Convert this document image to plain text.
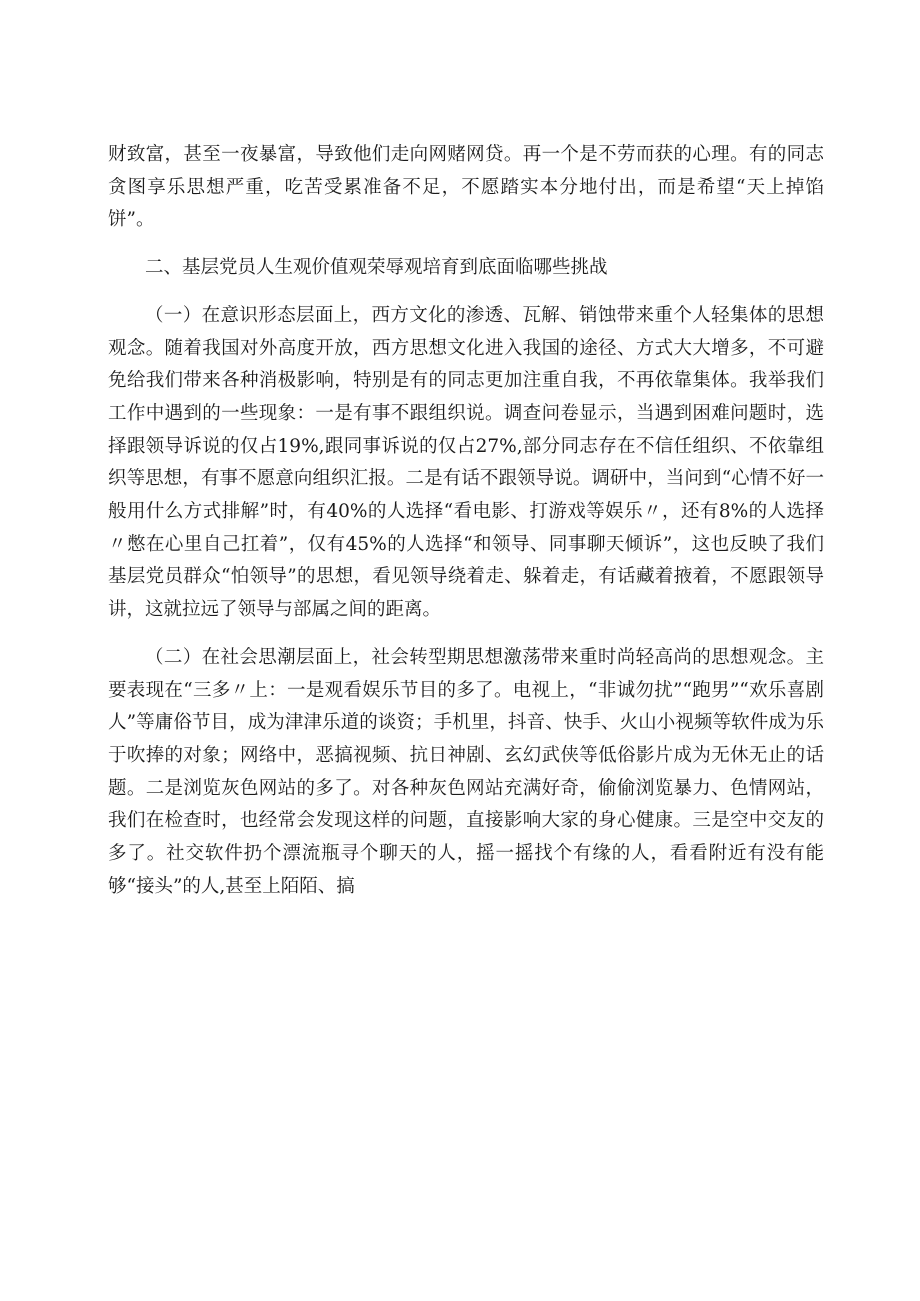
财致富，甚至一夜暴富，导致他们走向网赌网贷。再一个是不劳而获的心理。有的同志贪图享乐思想严重，吃苦受累准备不足，不愿踏实本分地付出，而是希望“天上掉馅饼”。

二、基层党员人生观价值观荣辱观培育到底面临哪些挑战

（一）在意识形态层面上，西方文化的渗透、瓦解、销蚀带来重个人轻集体的思想观念。随着我国对外高度开放，西方思想文化进入我国的途径、方式大大增多，不可避免给我们带来各种消极影响，特别是有的同志更加注重自我，不再依靠集体。我举我们工作中遇到的一些现象：一是有事不跟组织说。调查问卷显示，当遇到困难问题时，选择跟领导诉说的仅占19%,跟同事诉说的仅占27%,部分同志存在不信任组织、不依靠组织等思想，有事不愿意向组织汇报。二是有话不跟领导说。调研中，当问到“心情不好一般用什么方式排解”时，有40%的人选择“看电影、打游戏等娱乐〃，还有8%的人选择〃憋在心里自己扛着”，仅有45%的人选择“和领导、同事聊天倾诉”，这也反映了我们基层党员群众“怕领导”的思想，看见领导绕着走、躲着走，有话藏着掖着，不愿跟领导讲，这就拉远了领导与部属之间的距离。

（二）在社会思潮层面上，社会转型期思想激荡带来重时尚轻高尚的思想观念。主要表现在“三多〃上：一是观看娱乐节目的多了。电视上，“非诚勿扰”“跑男”“欢乐喜剧人”等庸俗节目，成为津津乐道的谈资；手机里，抖音、快手、火山小视频等软件成为乐于吹捧的对象；网络中，恶搞视频、抗日神剧、玄幻武侠等低俗影片成为无休无止的话题。二是浏览灰色网站的多了。对各种灰色网站充满好奇，偷偷浏览暴力、色情网站，我们在检查时，也经常会发现这样的问题，直接影响大家的身心健康。三是空中交友的多了。社交软件扔个漂流瓶寻个聊天的人，摇一摇找个有缘的人，看看附近有没有能够“接头”的人,甚至上陌陌、搞
